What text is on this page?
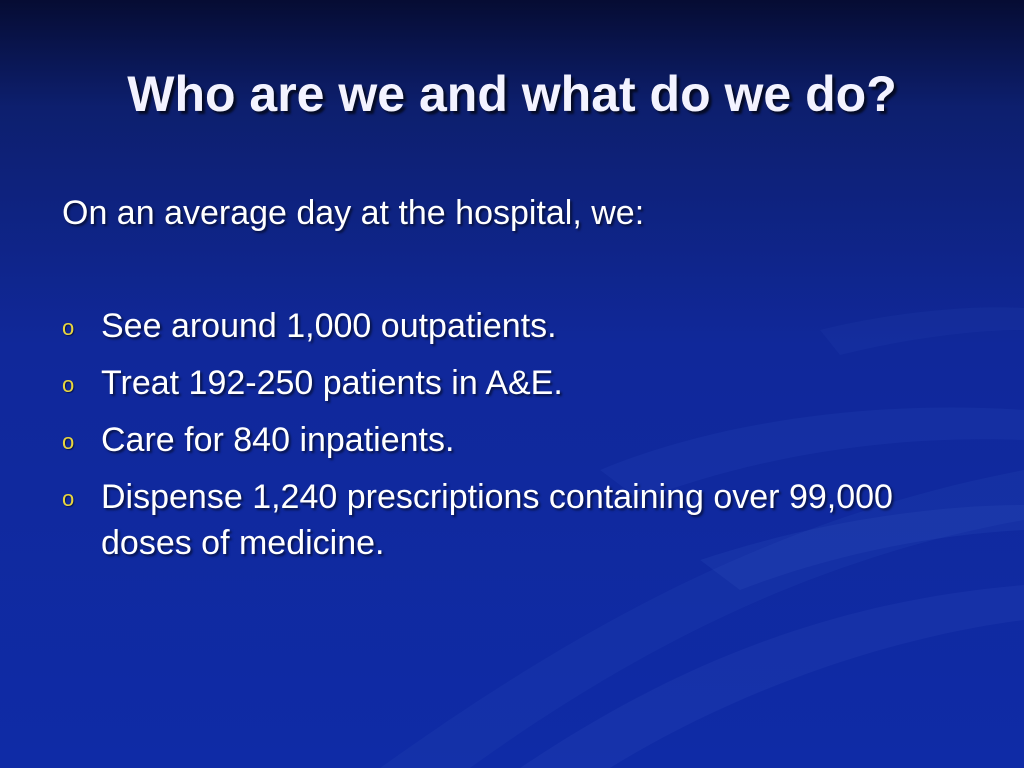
Who are we and what do we do?

On an average day at the hospital, we:

o See around 1,000 outpatients.
o Treat 192-250 patients in A&E.
o Care for 840 inpatients.
o Dispense 1,240 prescriptions containing over 99,000 doses of medicine.
